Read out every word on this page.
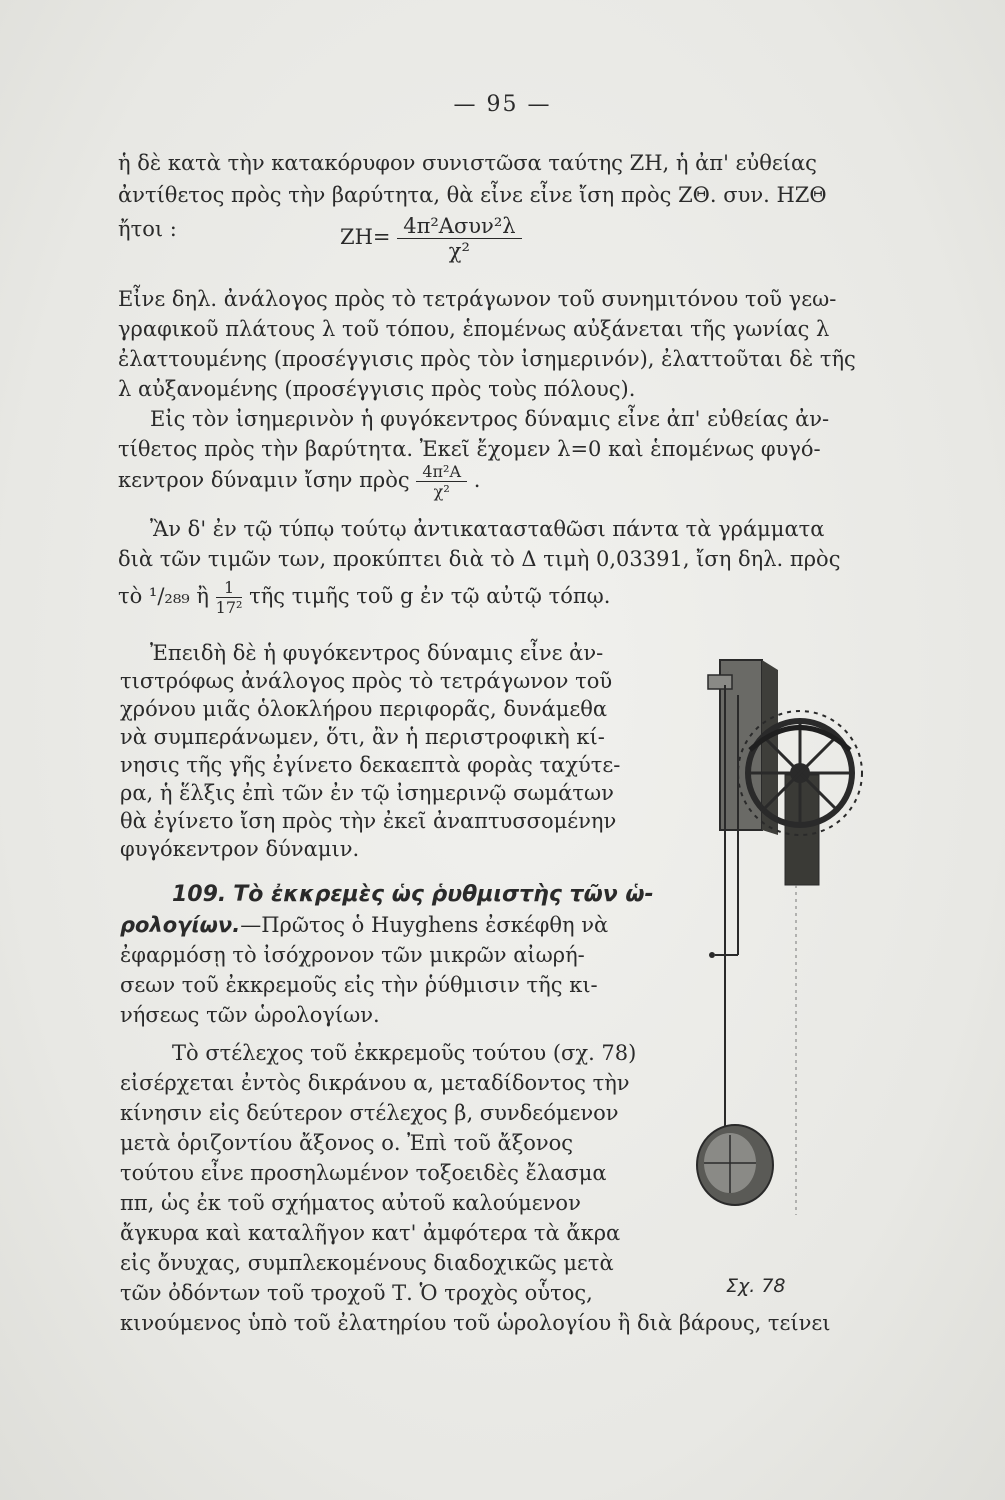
— 95 —
ἡ δὲ κατὰ τὴν κατακόρυφον συνιστῶσα ταύτης ΖΗ, ἡ ἀπ' εὐθείας
ἀντίθετος πρὸς τὴν βαρύτητα, θὰ εἶνε εἶνε ἴση πρὸς ΖΘ. συν. ΗΖΘ
ἤτοι :	$ZH= \frac{\text{4π²Ασυν²λ}}{\text{χ²}}$
Εἶνε δηλ. ἀνάλογος πρὸς τὸ τετράγωνον τοῦ συνημιτόνου τοῦ γεω-
γραφικοῦ πλάτους λ τοῦ τόπου, ἑπομένως αὐξάνεται τῆς γωνίας λ
ἐλαττουμένης (προσέγγισις πρὸς τὸν ἰσημερινόν), ἐλαττοῦται δὲ τῆς
λ αὐξανομένης (προσέγγισις πρὸς τοὺς πόλους).
Εἰς τὸν ἰσημερινὸν ἡ φυγόκεντρος δύναμις εἶνε ἀπ' εὐθείας ἀν-
τίθετος πρὸς τὴν βαρύτητα. Ἐκεῖ ἔχομεν λ=0 καὶ ἑπομένως φυγό-
κεντρον δύναμιν ἴσην πρὸς $\frac{\text{4π²Α}}{\text{χ²}}$ .
Ἂν δ' ἐν τῷ τύπῳ τούτῳ ἀντικατασταθῶσι πάντα τὰ γράμματα
διὰ τῶν τιμῶν των, προκύπτει διὰ τὸ Δ τιμὴ 0,03391, ἴση δηλ. πρὸς
τὸ ¹/₂₈₉ ἢ $\frac{1}{\text{17²}}$ τῆς τιμῆς τοῦ g ἐν τῷ αὐτῷ τόπῳ.
Ἐπειδὴ δὲ ἡ φυγόκεντρος δύναμις εἶνε ἀν-
τιστρόφως ἀνάλογος πρὸς τὸ τετράγωνον τοῦ
χρόνου μιᾶς ὁλοκλήρου περιφορᾶς, δυνάμεθα
νὰ συμπεράνωμεν, ὅτι, ἂν ἡ περιστροφικὴ κί-
νησις τῆς γῆς ἐγίνετο δεκαεπτὰ φορὰς ταχύτε-
ρα, ἡ ἕλξις ἐπὶ τῶν ἐν τῷ ἰσημερινῷ σωμάτων
θὰ ἐγίνετο ἴση πρὸς τὴν ἐκεῖ ἀναπτυσσομένην
φυγόκεντρον δύναμιν.
109. Τὸ ἐκκρεμὲς ὡς ῥυθμιστὴς τῶν ὡ-
ρολογίων.—Πρῶτος ὁ Huyghens ἐσκέφθη νὰ
ἐφαρμόσῃ τὸ ἰσόχρονον τῶν μικρῶν αἰωρή-
σεων τοῦ ἐκκρεμοῦς εἰς τὴν ῥύθμισιν τῆς κι-
νήσεως τῶν ὡρολογίων.
Τὸ στέλεχος τοῦ ἐκκρεμοῦς τούτου (σχ. 78)
εἰσέρχεται ἐντὸς δικράνου α, μεταδίδοντος τὴν
κίνησιν εἰς δεύτερον στέλεχος β, συνδεόμενον
μετὰ ὁριζοντίου ἄξονος ο. Ἐπὶ τοῦ ἄξονος
τούτου εἶνε προσηλωμένον τοξοειδὲς ἔλασμα
ππ, ὡς ἐκ τοῦ σχήματος αὐτοῦ καλούμενον
ἄγκυρα καὶ καταλῆγον κατ' ἀμφότερα τὰ ἄκρα
εἰς ὄνυχας, συμπλεκομένους διαδοχικῶς μετὰ
τῶν ὀδόντων τοῦ τροχοῦ Τ. Ὁ τροχὸς οὗτος,
κινούμενος ὑπὸ τοῦ ἐλατηρίου τοῦ ὡρολογίου ἢ διὰ βάρους, τείνει
Σχ. 78
